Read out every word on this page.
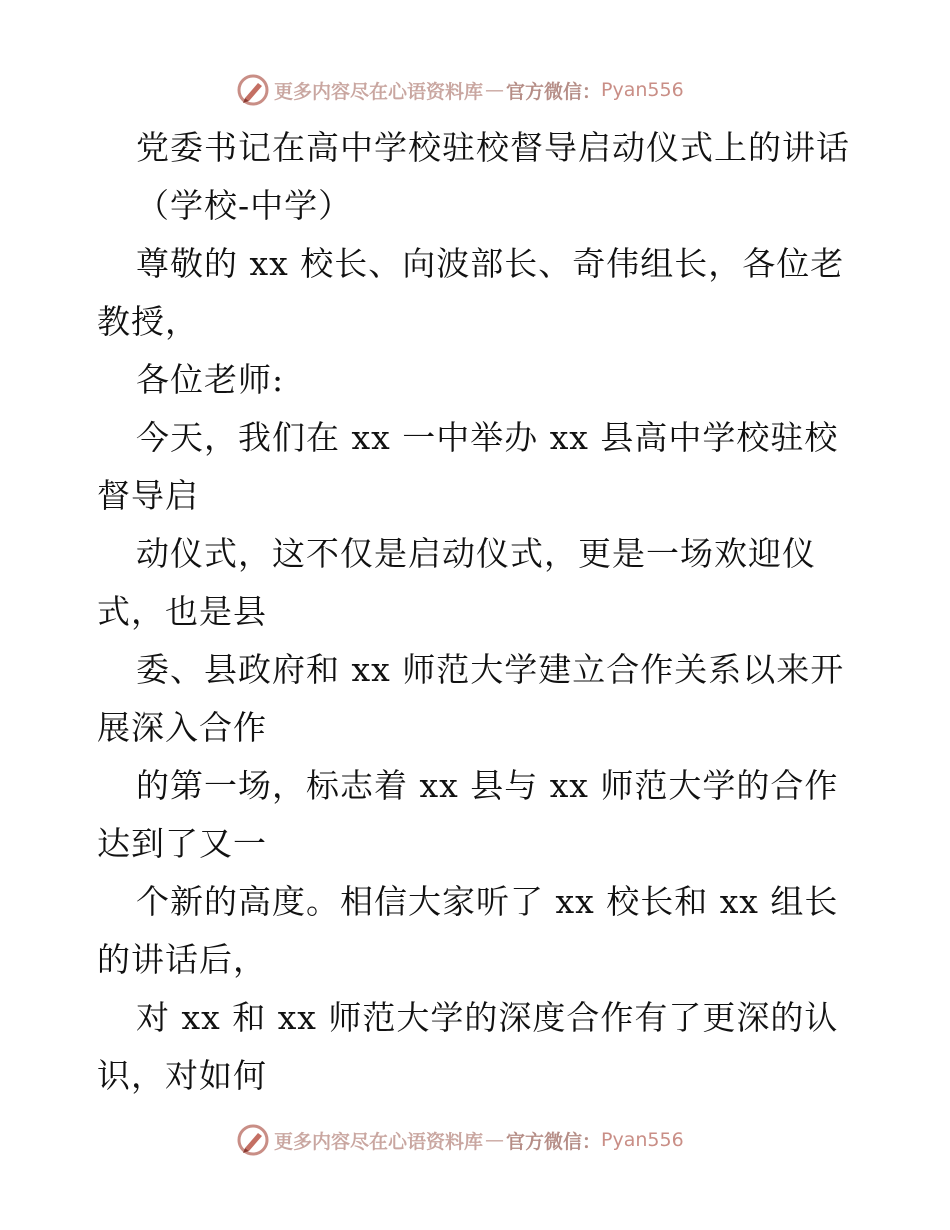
更多内容尽在心语资料库 — 官方微信： Pyan556
党委书记在高中学校驻校督导启动仪式上的讲话
（学校-中学）
尊敬的 xx 校长、向波部长、奇伟组长，各位老
教授，
各位老师:
今天，我们在 xx 一中举办 xx 县高中学校驻校
督导启
动仪式，这不仅是启动仪式，更是一场欢迎仪
式，也是县
委、县政府和 xx 师范大学建立合作关系以来开
展深入合作
的第一场，标志着 xx 县与 xx 师范大学的合作
达到了又一
个新的高度。相信大家听了 xx 校长和 xx 组长
的讲话后，
对 xx 和 xx 师范大学的深度合作有了更深的认
识，对如何
更多内容尽在心语资料库 — 官方微信： Pyan556
